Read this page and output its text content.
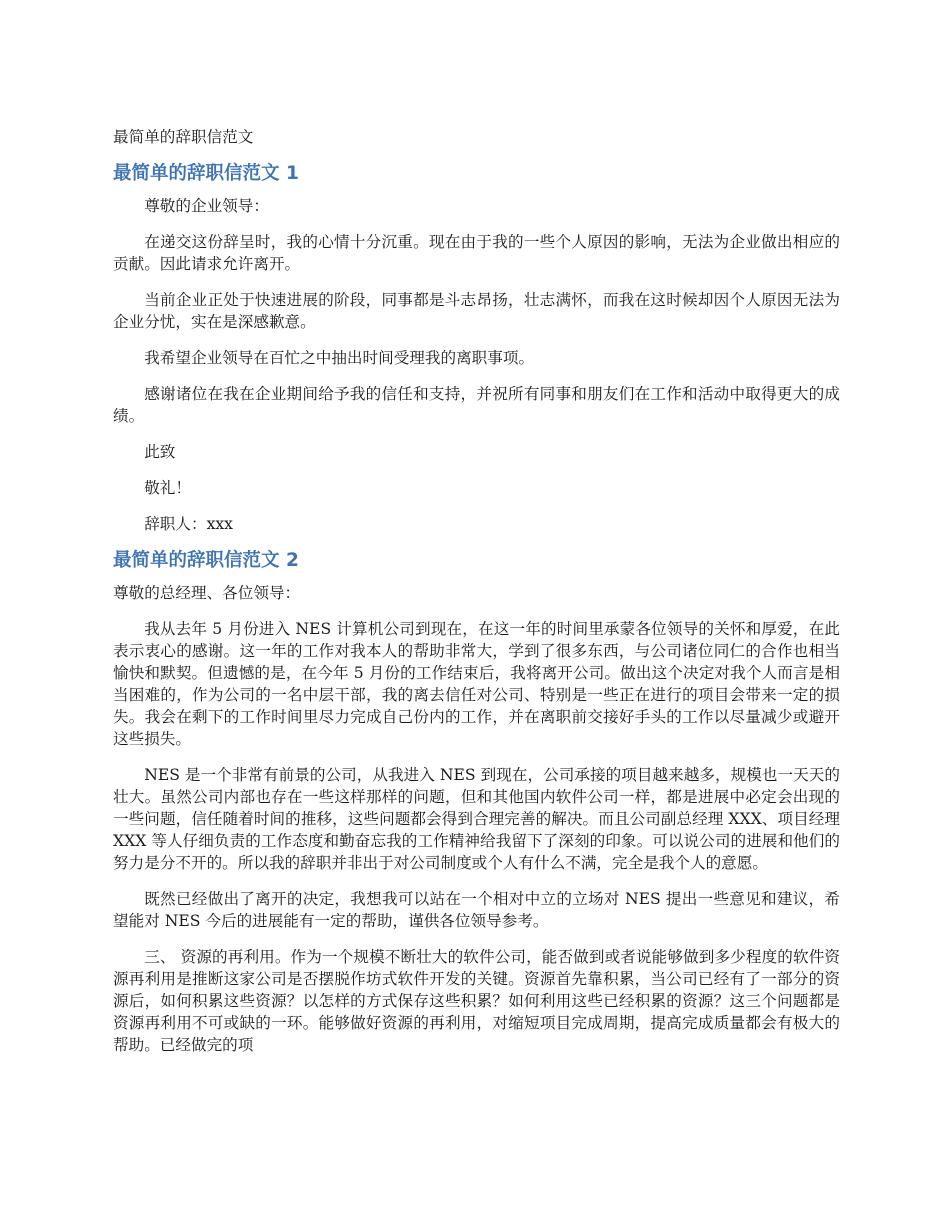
最简单的辞职信范文
最简单的辞职信范文 1

尊敬的企业领导：

在递交这份辞呈时，我的心情十分沉重。现在由于我的一些个人原因的影响，无法为企业做出相应的贡献。因此请求允许离开。

当前企业正处于快速进展的阶段，同事都是斗志昂扬，壮志满怀，而我在这时候却因个人原因无法为企业分忧，实在是深感歉意。

我希望企业领导在百忙之中抽出时间受理我的离职事项。

感谢诸位在我在企业期间给予我的信任和支持，并祝所有同事和朋友们在工作和活动中取得更大的成绩。

此致

敬礼！

辞职人：xxx

最简单的辞职信范文 2

尊敬的总经理、各位领导：

我从去年 5 月份进入 NES 计算机公司到现在，在这一年的时间里承蒙各位领导的关怀和厚爱，在此表示衷心的感谢。这一年的工作对我本人的帮助非常大，学到了很多东西，与公司诸位同仁的合作也相当愉快和默契。但遗憾的是，在今年 5 月份的工作结束后，我将离开公司。做出这个决定对我个人而言是相当困难的，作为公司的一名中层干部，我的离去信任对公司、特别是一些正在进行的项目会带来一定的损失。我会在剩下的工作时间里尽力完成自己份内的工作，并在离职前交接好手头的工作以尽量减少或避开这些损失。

NES 是一个非常有前景的公司，从我进入 NES 到现在，公司承接的项目越来越多，规模也一天天的壮大。虽然公司内部也存在一些这样那样的问题，但和其他国内软件公司一样，都是进展中必定会出现的一些问题，信任随着时间的推移，这些问题都会得到合理完善的解决。而且公司副总经理 XXX、项目经理 XXX 等人仔细负责的工作态度和勤奋忘我的工作精神给我留下了深刻的印象。可以说公司的进展和他们的努力是分不开的。所以我的辞职并非出于对公司制度或个人有什么不满，完全是我个人的意愿。

既然已经做出了离开的决定，我想我可以站在一个相对中立的立场对 NES 提出一些意见和建议，希望能对 NES 今后的进展能有一定的帮助，谨供各位领导参考。

三、 资源的再利用。作为一个规模不断壮大的软件公司，能否做到或者说能够做到多少程度的软件资源再利用是推断这家公司是否摆脱作坊式软件开发的关键。资源首先靠积累，当公司已经有了一部分的资源后，如何积累这些资源？以怎样的方式保存这些积累？如何利用这些已经积累的资源？这三个问题都是资源再利用不可或缺的一环。能够做好资源的再利用，对缩短项目完成周期，提高完成质量都会有极大的帮助。已经做完的项
